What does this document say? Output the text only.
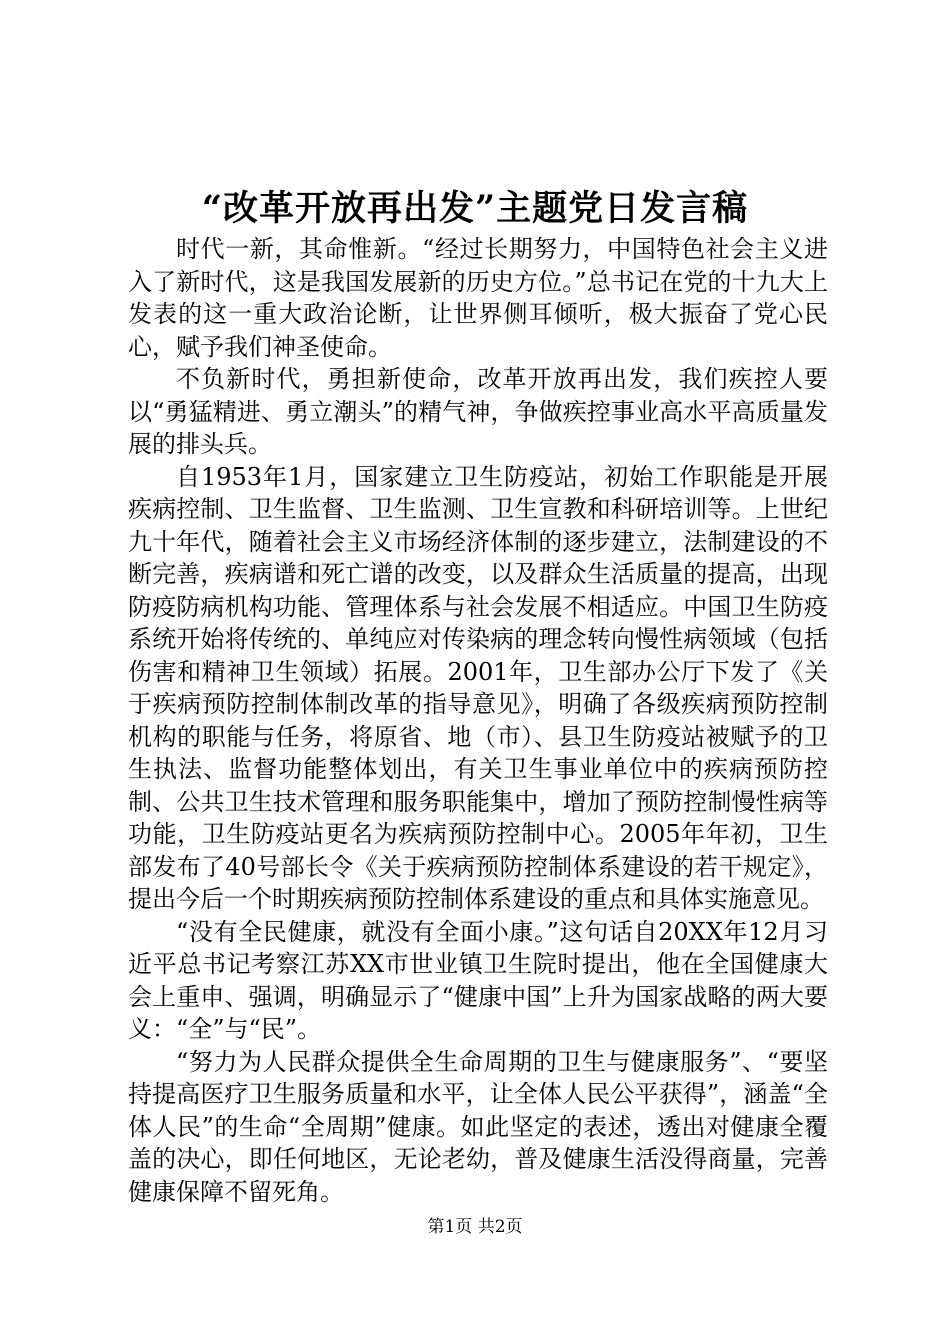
“改革开放再出发”主题党日发言稿

时代一新，其命惟新。“经过长期努力，中国特色社会主义进入了新时代，这是我国发展新的历史方位。”总书记在党的十九大上发表的这一重大政治论断，让世界侧耳倾听，极大振奋了党心民心，赋予我们神圣使命。

不负新时代，勇担新使命，改革开放再出发，我们疾控人要以“勇猛精进、勇立潮头”的精气神，争做疾控事业高水平高质量发展的排头兵。

自1953年1月，国家建立卫生防疫站，初始工作职能是开展疾病控制、卫生监督、卫生监测、卫生宣教和科研培训等。上世纪九十年代，随着社会主义市场经济体制的逐步建立，法制建设的不断完善，疾病谱和死亡谱的改变，以及群众生活质量的提高，出现防疫防病机构功能、管理体系与社会发展不相适应。中国卫生防疫系统开始将传统的、单纯应对传染病的理念转向慢性病领域（包括伤害和精神卫生领域）拓展。2001年，卫生部办公厅下发了《关于疾病预防控制体制改革的指导意见》，明确了各级疾病预防控制机构的职能与任务，将原省、地（市）、县卫生防疫站被赋予的卫生执法、监督功能整体划出，有关卫生事业单位中的疾病预防控制、公共卫生技术管理和服务职能集中，增加了预防控制慢性病等功能，卫生防疫站更名为疾病预防控制中心。2005年年初，卫生部发布了40号部长令《关于疾病预防控制体系建设的若干规定》，提出今后一个时期疾病预防控制体系建设的重点和具体实施意见。

“没有全民健康，就没有全面小康。”这句话自20XX年12月习近平总书记考察江苏XX市世业镇卫生院时提出，他在全国健康大会上重申、强调，明确显示了“健康中国”上升为国家战略的两大要义：“全”与“民”。

“努力为人民群众提供全生命周期的卫生与健康服务”、“要坚持提高医疗卫生服务质量和水平，让全体人民公平获得”，涵盖“全体人民”的生命“全周期”健康。如此坚定的表述，透出对健康全覆盖的决心，即任何地区，无论老幼，普及健康生活没得商量，完善健康保障不留死角。

第1页 共2页
